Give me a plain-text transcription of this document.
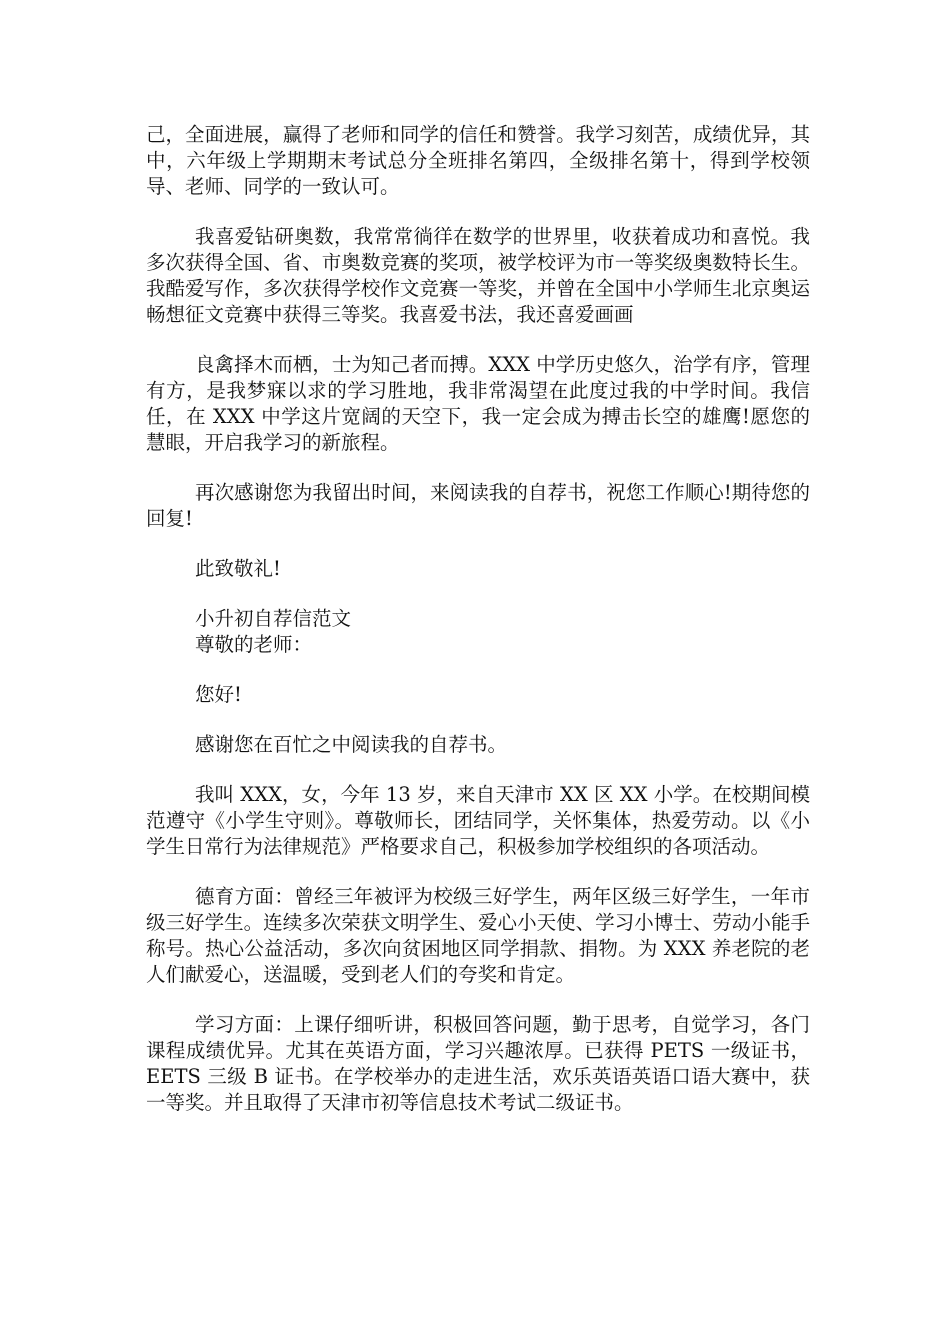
己，全面进展，赢得了老师和同学的信任和赞誉。我学习刻苦，成绩优异，其中，六年级上学期期末考试总分全班排名第四，全级排名第十，得到学校领导、老师、同学的一致认可。

我喜爱钻研奥数，我常常徜徉在数学的世界里，收获着成功和喜悦。我多次获得全国、省、市奥数竞赛的奖项，被学校评为市一等奖级奥数特长生。我酷爱写作，多次获得学校作文竞赛一等奖，并曾在全国中小学师生北京奥运畅想征文竞赛中获得三等奖。我喜爱书法，我还喜爱画画

良禽择木而栖，士为知己者而搏。XXX 中学历史悠久，治学有序，管理有方，是我梦寐以求的学习胜地，我非常渴望在此度过我的中学时间。我信任，在 XXX 中学这片宽阔的天空下，我一定会成为搏击长空的雄鹰!愿您的慧眼，开启我学习的新旅程。

再次感谢您为我留出时间，来阅读我的自荐书，祝您工作顺心!期待您的回复!

此致敬礼!

小升初自荐信范文
尊敬的老师：

您好!

感谢您在百忙之中阅读我的自荐书。

我叫 XXX，女，今年 13 岁，来自天津市 XX 区 XX 小学。在校期间模范遵守《小学生守则》。尊敬师长，团结同学，关怀集体，热爱劳动。以《小学生日常行为法律规范》严格要求自己，积极参加学校组织的各项活动。

德育方面：曾经三年被评为校级三好学生，两年区级三好学生，一年市级三好学生。连续多次荣获文明学生、爱心小天使、学习小博士、劳动小能手称号。热心公益活动，多次向贫困地区同学捐款、捐物。为 XXX 养老院的老人们献爱心，送温暖，受到老人们的夸奖和肯定。

学习方面：上课仔细听讲，积极回答问题，勤于思考，自觉学习，各门课程成绩优异。尤其在英语方面，学习兴趣浓厚。已获得 PETS 一级证书，EETS 三级 B 证书。在学校举办的走进生活，欢乐英语英语口语大赛中，获一等奖。并且取得了天津市初等信息技术考试二级证书。
